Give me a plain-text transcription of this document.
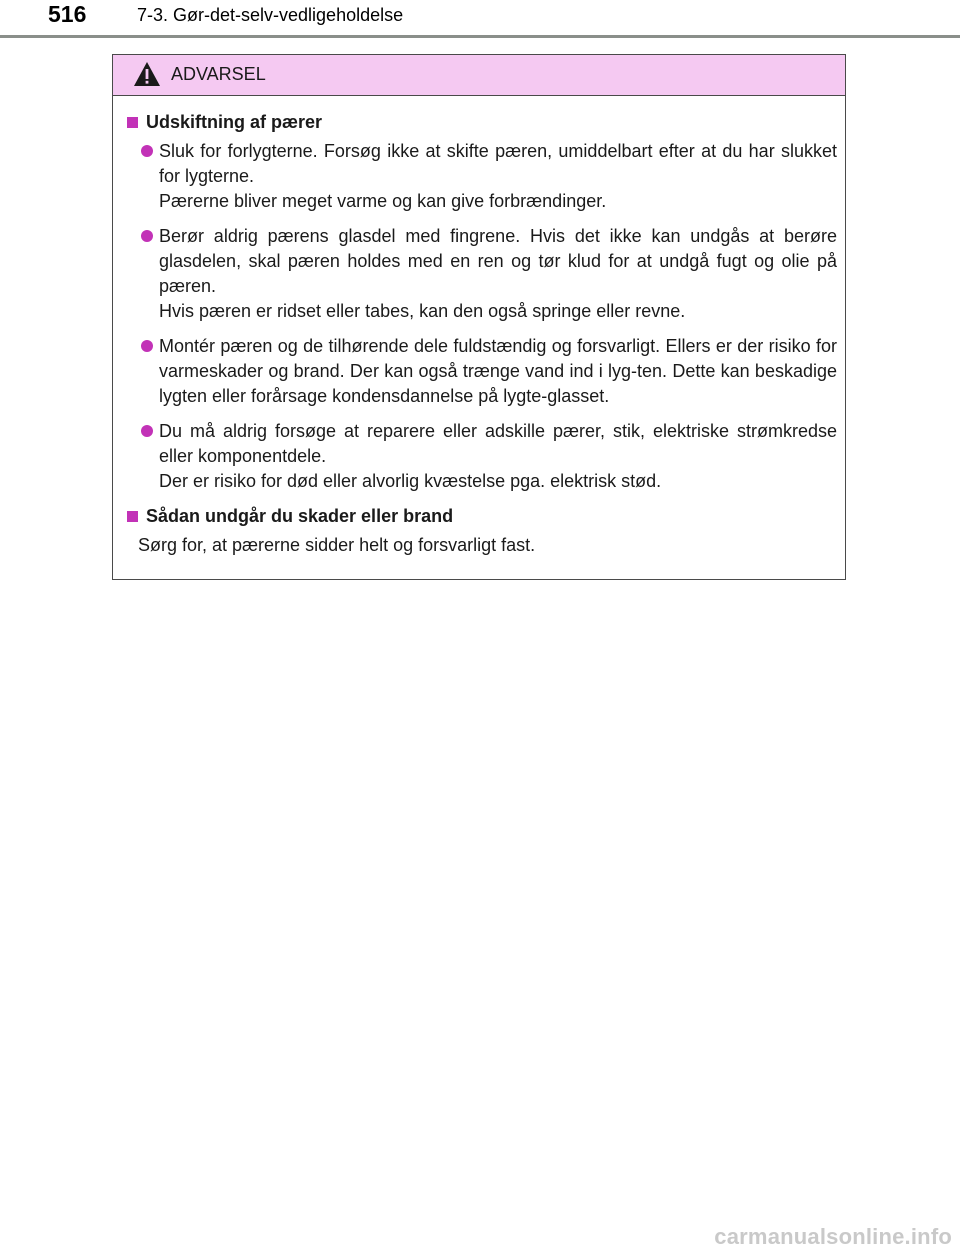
516	7-3. Gør-det-selv-vedligeholdelse
ADVARSEL
Udskiftning af pærer

Sluk for forlygterne. Forsøg ikke at skifte pæren, umiddelbart efter at du har slukket for lygterne.

Pærerne bliver meget varme og kan give forbrændinger.

Berør aldrig pærens glasdel med fingrene. Hvis det ikke kan undgås at berøre glasdelen, skal pæren holdes med en ren og tør klud for at undgå fugt og olie på pæren.

Hvis pæren er ridset eller tabes, kan den også springe eller revne.

Montér pæren og de tilhørende dele fuldstændig og forsvarligt. Ellers er der risiko for varmeskader og brand. Der kan også trænge vand ind i lyg-ten. Dette kan beskadige lygten eller forårsage kondensdannelse på lygte-glasset.

Du må aldrig forsøge at reparere eller adskille pærer, stik, elektriske strømkredse eller komponentdele.

Der er risiko for død eller alvorlig kvæstelse pga. elektrisk stød.

Sådan undgår du skader eller brand

Sørg for, at pærerne sidder helt og forsvarligt fast.

carmanualsonline.info
